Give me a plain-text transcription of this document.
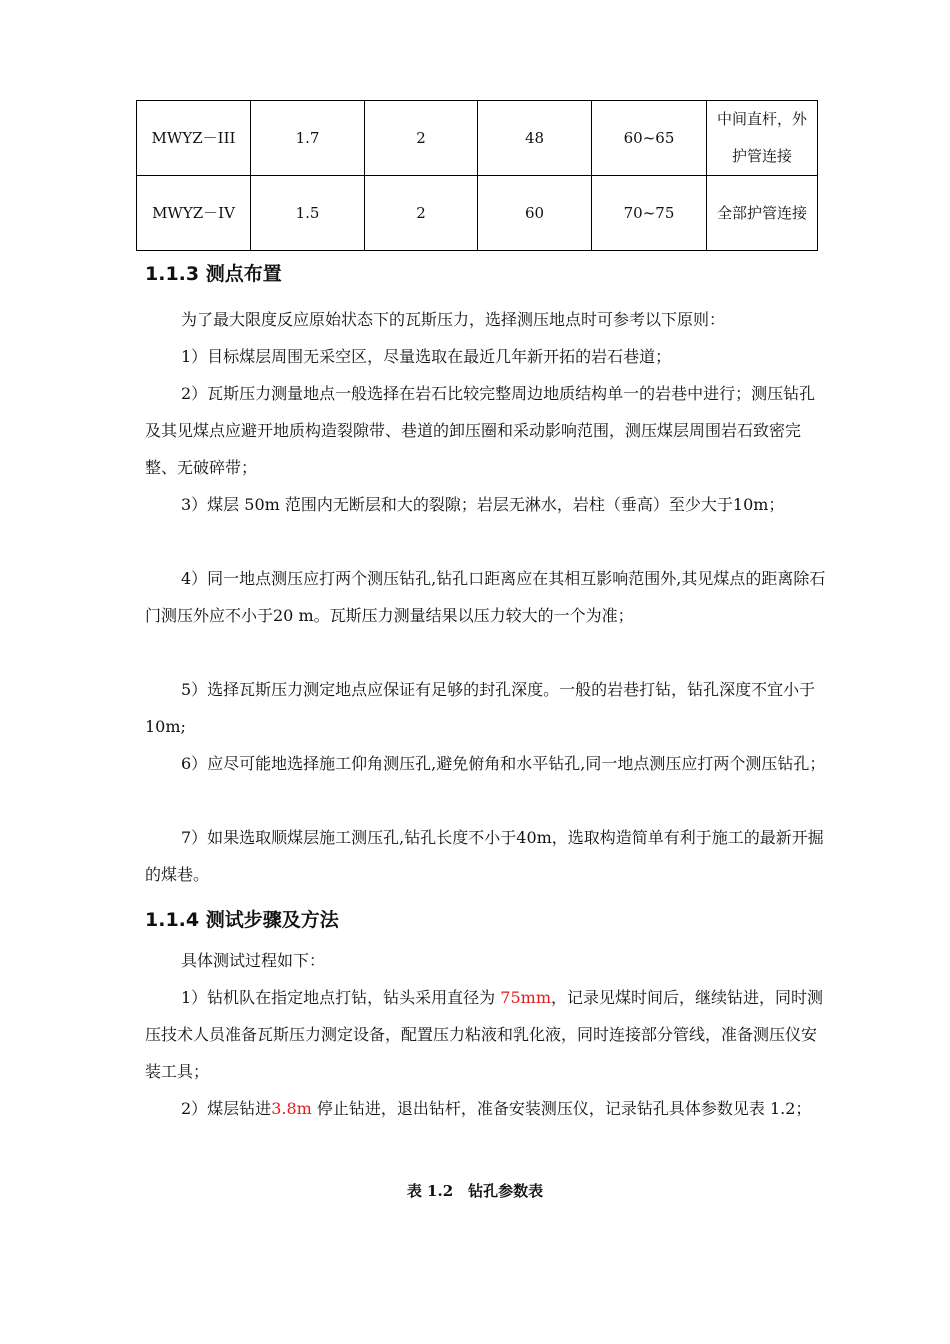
MWYZ－III	1.7	2	48	60~65	中间直杆，外护管连接
MWYZ－IV	1.5	2	60	70~75	全部护管连接
1.1.3 测点布置

为了最大限度反应原始状态下的瓦斯压力，选择测压地点时可参考以下原则：

1）目标煤层周围无采空区，尽量选取在最近几年新开拓的岩石巷道；

2）瓦斯压力测量地点一般选择在岩石比较完整周边地质结构单一的岩巷中进行；测压钻孔及其见煤点应避开地质构造裂隙带、巷道的卸压圈和采动影响范围，测压煤层周围岩石致密完整、无破碎带；

3）煤层 50m 范围内无断层和大的裂隙；岩层无淋水，岩柱（垂高）至少大于10m；

4）同一地点测压应打两个测压钻孔,钻孔口距离应在其相互影响范围外,其见煤点的距离除石门测压外应不小于20 m。瓦斯压力测量结果以压力较大的一个为准；

5）选择瓦斯压力测定地点应保证有足够的封孔深度。一般的岩巷打钻，钻孔深度不宜小于10m;

6）应尽可能地选择施工仰角测压孔,避免俯角和水平钻孔,同一地点测压应打两个测压钻孔；

7）如果选取顺煤层施工测压孔,钻孔长度不小于40m，选取构造简单有利于施工的最新开掘的煤巷。

1.1.4 测试步骤及方法

具体测试过程如下：

1）钻机队在指定地点打钻，钻头采用直径为 75mm，记录见煤时间后，继续钻进，同时测压技术人员准备瓦斯压力测定设备，配置压力粘液和乳化液，同时连接部分管线，准备测压仪安装工具；

2）煤层钻进3.8m 停止钻进，退出钻杆，准备安装测压仪，记录钻孔具体参数见表 1.2；

表 1.2　钻孔参数表
